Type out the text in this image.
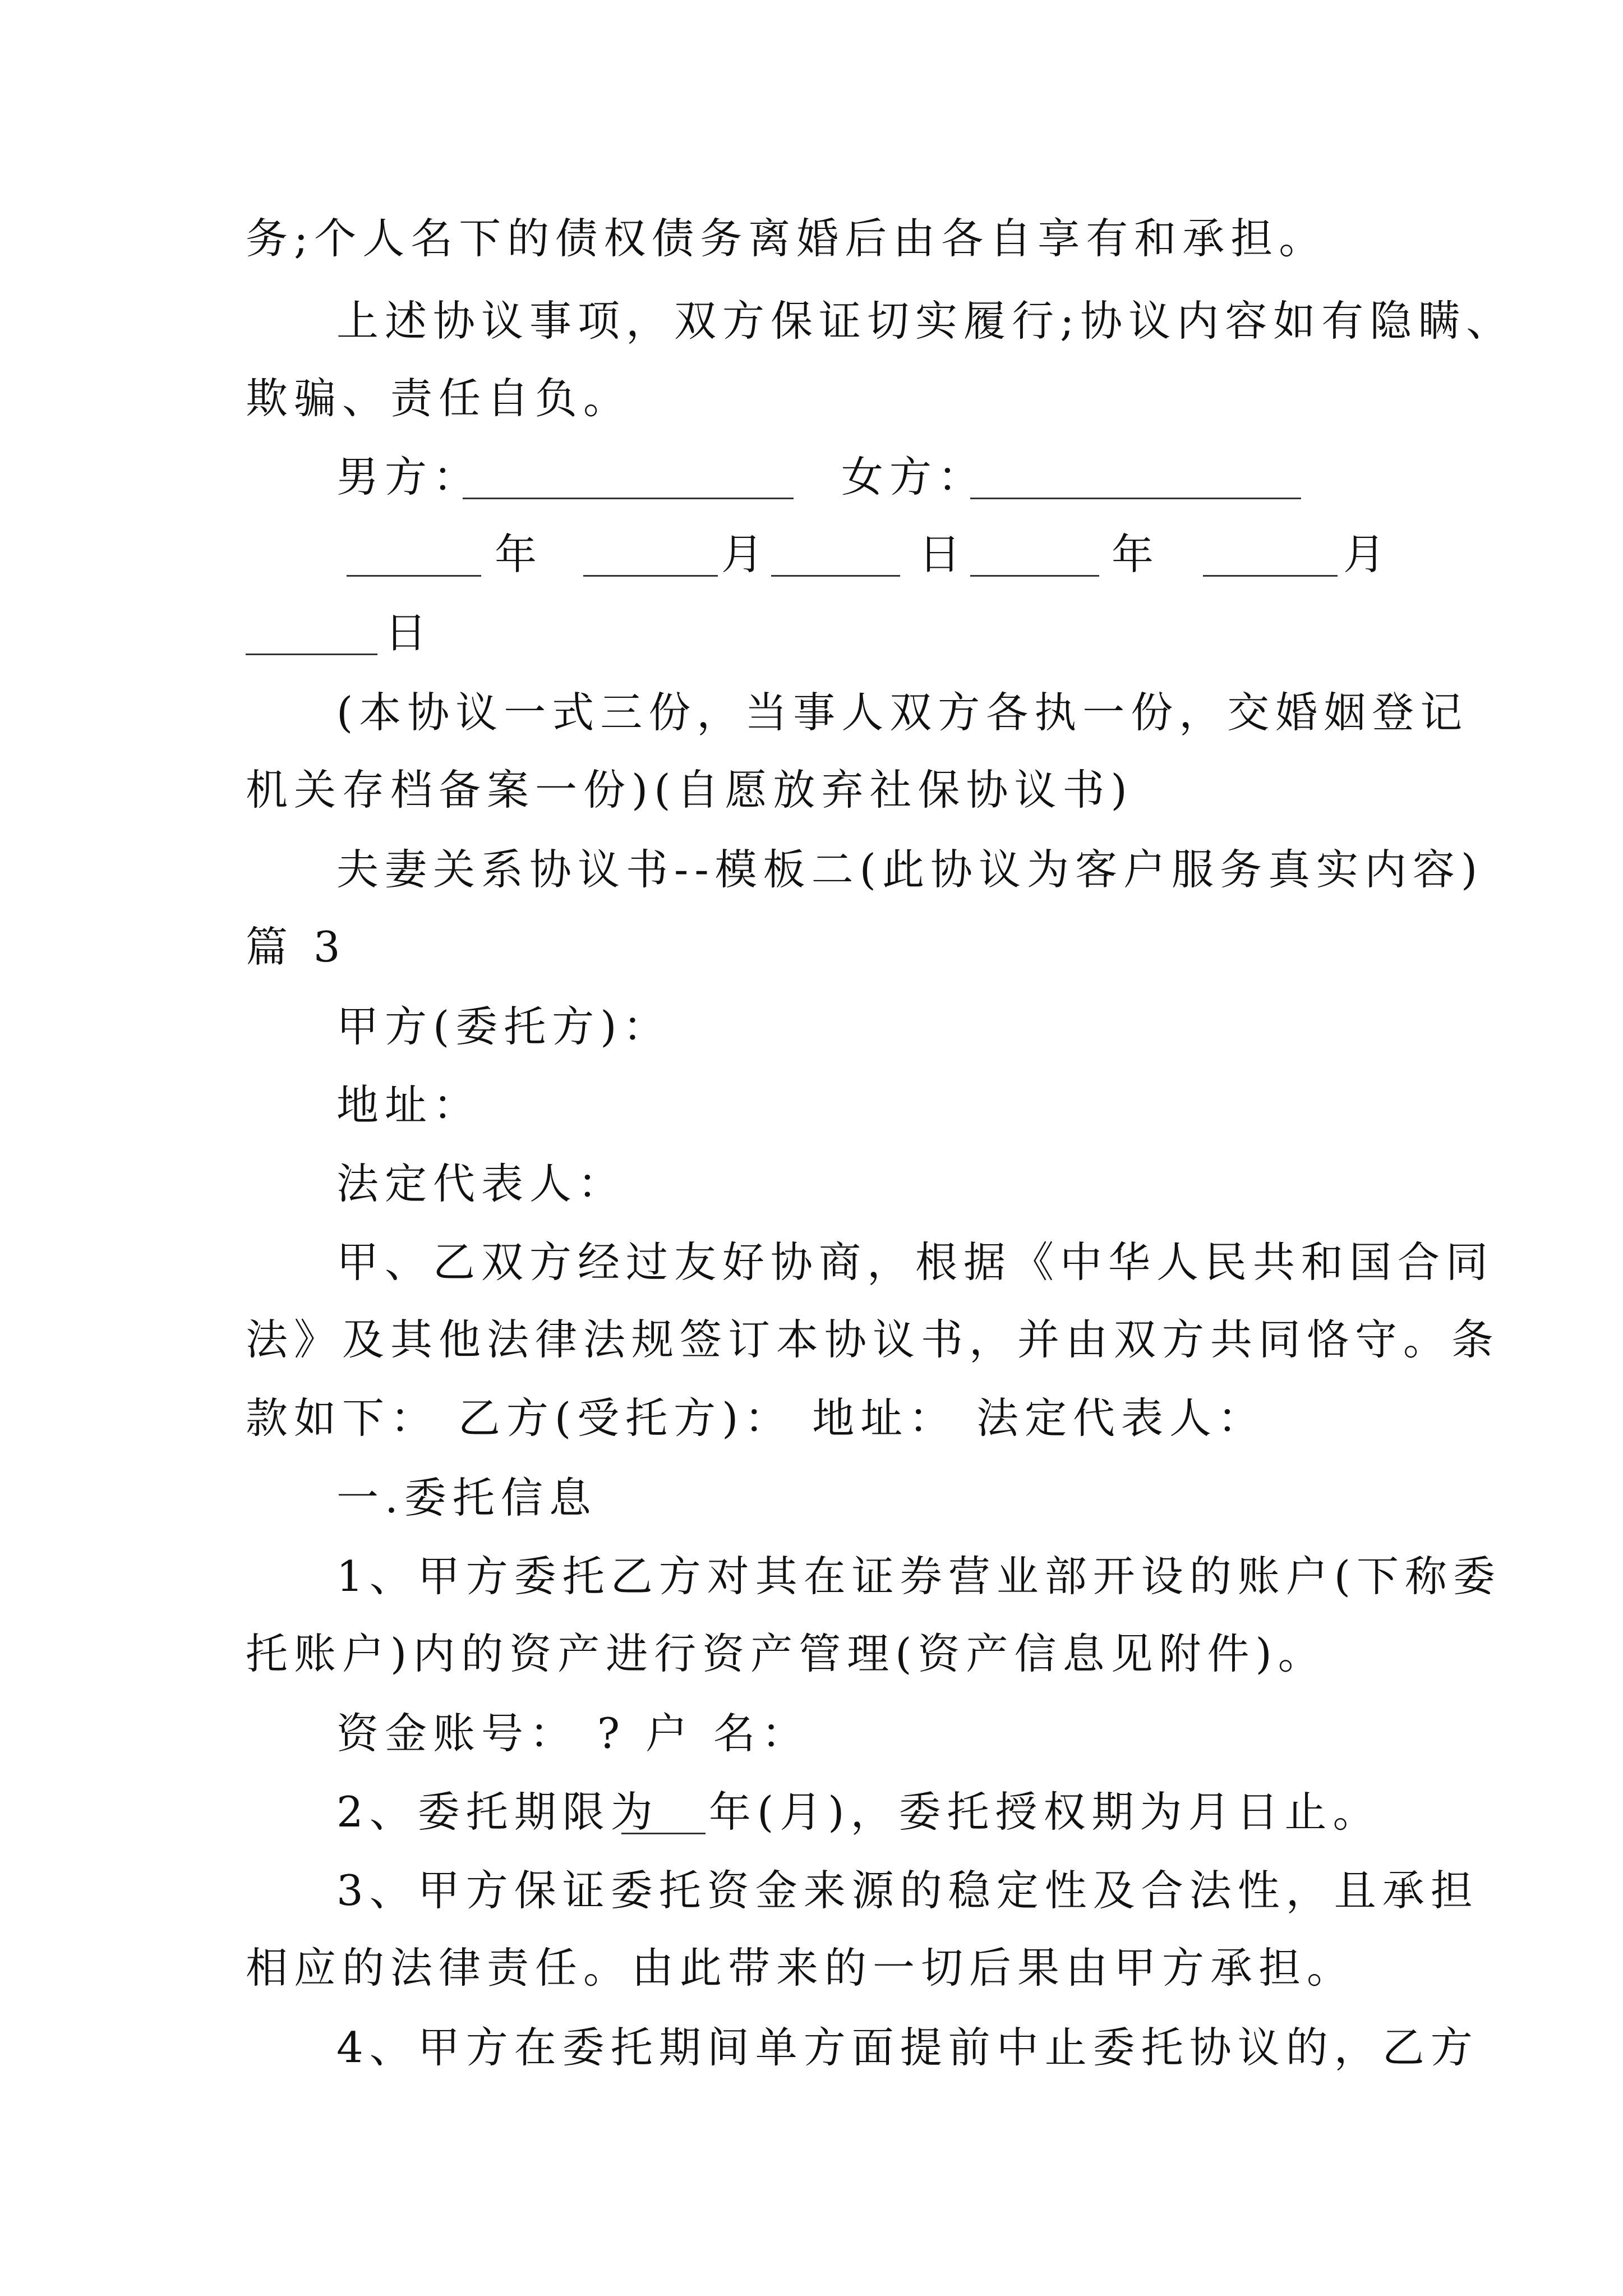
务;个人名下的债权债务离婚后由各自享有和承担。
上述协议事项，双方保证切实履行;协议内容如有隐瞒、
欺骗、责任自负。
男方：	女方：
年	月	日	年	月
日
(本协议一式三份，当事人双方各执一份，交婚姻登记
机关存档备案一份)(自愿放弃社保协议书)
夫妻关系协议书--模板二(此协议为客户服务真实内容)
篇 3
甲方(委托方)：
地址：
法定代表人：
甲、乙双方经过友好协商，根据《中华人民共和国合同
法》及其他法律法规签订本协议书，并由双方共同恪守。条
款如下： 乙方(受托方)： 地址： 法定代表人：
一.委托信息
1、甲方委托乙方对其在证券营业部开设的账户(下称委
托账户)内的资产进行资产管理(资产信息见附件)。
资金账号： ? 户 名：
2、委托期限为 年(月)，委托授权期为月日止。
3、甲方保证委托资金来源的稳定性及合法性，且承担
相应的法律责任。由此带来的一切后果由甲方承担。
4、甲方在委托期间单方面提前中止委托协议的，乙方
